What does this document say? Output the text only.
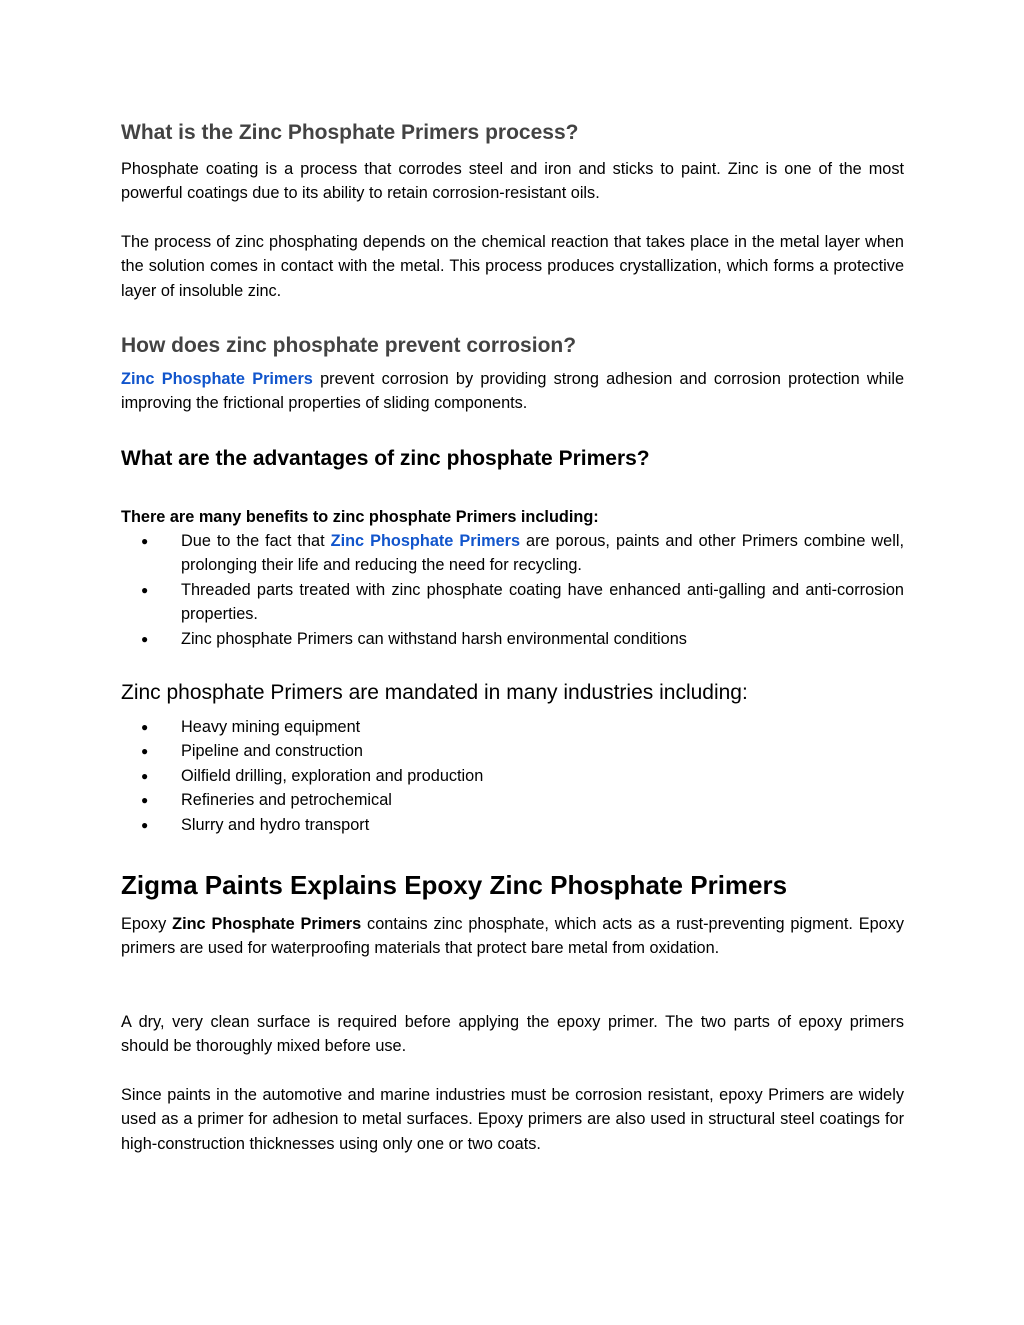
What is the Zinc Phosphate Primers process?

Phosphate coating is a process that corrodes steel and iron and sticks to paint. Zinc is one of the most powerful coatings due to its ability to retain corrosion-resistant oils.

The process of zinc phosphating depends on the chemical reaction that takes place in the metal layer when the solution comes in contact with the metal. This process produces crystallization, which forms a protective layer of insoluble zinc.

How does zinc phosphate prevent corrosion?

Zinc Phosphate Primers prevent corrosion by providing strong adhesion and corrosion protection while improving the frictional properties of sliding components.

What are the advantages of zinc phosphate Primers?

There are many benefits to zinc phosphate Primers including:

● Due to the fact that Zinc Phosphate Primers are porous, paints and other Primers combine well, prolonging their life and reducing the need for recycling.
● Threaded parts treated with zinc phosphate coating have enhanced anti-galling and anti-corrosion properties.
● Zinc phosphate Primers can withstand harsh environmental conditions
Zinc phosphate Primers are mandated in many industries including:
● Heavy mining equipment
● Pipeline and construction
● Oilfield drilling, exploration and production
● Refineries and petrochemical
● Slurry and hydro transport
Zigma Paints Explains Epoxy Zinc Phosphate Primers

Epoxy Zinc Phosphate Primers contains zinc phosphate, which acts as a rust-preventing pigment. Epoxy primers are used for waterproofing materials that protect bare metal from oxidation.

A dry, very clean surface is required before applying the epoxy primer. The two parts of epoxy primers should be thoroughly mixed before use.

Since paints in the automotive and marine industries must be corrosion resistant, epoxy Primers are widely used as a primer for adhesion to metal surfaces. Epoxy primers are also used in structural steel coatings for high-construction thicknesses using only one or two coats.
